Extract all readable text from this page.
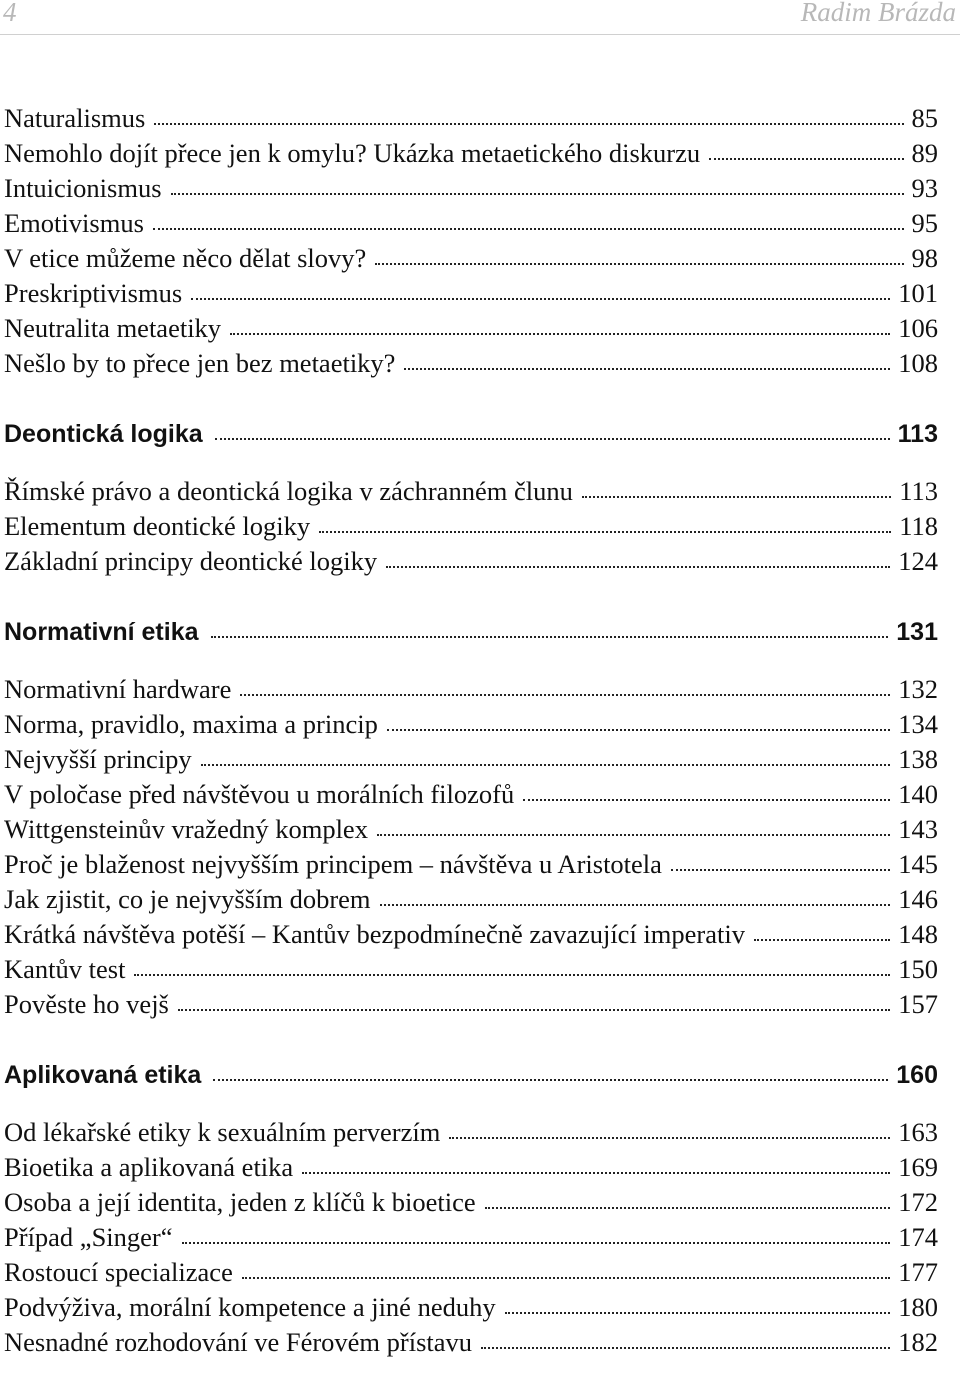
4	Radim Brázda
Naturalismus	85
Nemohlo dojít přece jen k omylu? Ukázka metaetického diskurzu	89
Intuicionismus	93
Emotivismus	95
V etice můžeme něco dělat slovy?	98
Preskriptivismus	101
Neutralita metaetiky	106
Nešlo by to přece jen bez metaetiky?	108
Deontická logika	113
Římské právo a deontická logika v záchranném člunu	113
Elementum deontické logiky	118
Základní principy deontické logiky	124
Normativní etika	131
Normativní hardware	132
Norma, pravidlo, maxima a princip	134
Nejvyšší principy	138
V poločase před návštěvou u morálních filozofů	140
Wittgensteinův vražedný komplex	143
Proč je blaženost nejvyšším principem – návštěva u Aristotela	145
Jak zjistit, co je nejvyšším dobrem	146
Krátká návštěva potěší – Kantův bezpodmínečně zavazující imperativ	148
Kantův test	150
Pověste ho vejš	157
Aplikovaná etika	160
Od lékařské etiky k sexuálním perverzím	163
Bioetika a aplikovaná etika	169
Osoba a její identita, jeden z klíčů k bioetice	172
Případ „Singer“	174
Rostoucí specializace	177
Podvýživa, morální kompetence a jiné neduhy	180
Nesnadné rozhodování ve Férovém přístavu	182
